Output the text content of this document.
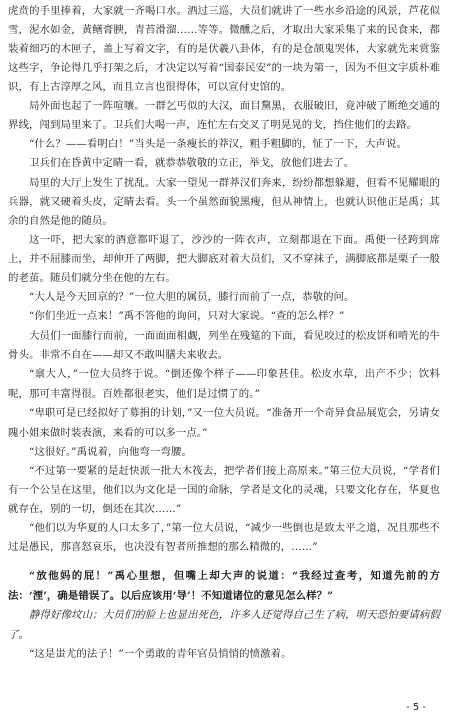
虎贲的手里捧着，大家就一齐喝口水。酒过三巡，大员们就讲了一些水乡沿途的风景，芦花似雪，泥水如金，黄鳝膏腴，青苔滑溜……等等。微醺之后，才取出大家采集了来的民食来，都装着细巧的木匣子，盖上写着文字，有的是伏羲八卦体，有的是仓颉鬼哭体，大家就先来赏鉴这些字，争论得几乎打架之后，才决定以写着“国泰民安”的一块为第一，因为不但文字质朴难识，有上古淳厚之风，而且立言也很得体，可以宣付史馆的。

局外面也起了一阵喧嚷。一群乞丐似的大汉，面目黧黑，衣服破旧，竟冲破了断绝交通的界线，闯到局里来了。卫兵们大喝一声，连忙左右交叉了明晃晃的戈，挡住他们的去路。

“什么？——看明白！”当头是一条瘦长的莽汉，粗手粗脚的，怔了一下，大声说。

卫兵们在昏黄中定睛一看，就恭恭敬敬的立正，举戈，放他们进去了。

局里的大厅上发生了扰乱。大家一望见一群莽汉们奔来，纷纷都想躲避，但看不见耀眼的兵器，就又硬着头皮，定睛去看。头一个虽然面貌黑瘦，但从神情上，也就认识他正是禹；其余的自然是他的随员。

这一吓，把大家的酒意都吓退了，沙沙的一阵衣声，立刻都退在下面。禹便一径跨到席上，并不屈膝而坐，却伸开了两脚，把大脚底对着大员们，又不穿袜子，满脚底都是栗子一般的老茧。随员们就分坐在他的左右。

“大人是今天回京的？”一位大胆的属员，膝行而前了一点，恭敬的问。

“你们坐近一点来！”禹不答他的询问，只对大家说。“查的怎么样？”

大员们一面膝行而前，一面面面相觑，列坐在残筵的下面，看见咬过的松皮饼和啃光的牛骨头。非常不自在——却又不敢叫膳夫来收去。

“禀大人，”一位大员终于说。“倒还像个样子——印象甚佳。松皮水草，出产不少；饮料呢，那可丰富得很。百姓都很老实，他们是过惯了的。”

“卑职可是已经拟好了募捐的计划，”又一位大员说。“准备开一个奇异食品展览会，另请女隗小姐来做时装表演，来看的可以多一点。”

“这很好。”禹说着，向他弯一弯腰。

“不过第一要紧的是赶快派一批大木筏去，把学者们接上高原来。”第三位大员说，“学者们有一个公呈在这里，他们以为文化是一国的命脉，学者是文化的灵魂，只要文化存在，华夏也就存在，别的一切，倒还在其次……”

“他们以为华夏的人口太多了，”第一位大员说，“减少一些倒也是致太平之道，况且那些不过是愚民，那喜怒哀乐，也决没有智者所推想的那么精微的，……”

“放他妈的屁！”禹心里想，但嘴上却大声的说道：“我经过查考，知道先前的方法：‘湮’，确是错误了。以后应该用‘导’！不知道诸位的意见怎么样？”

静得好像坟山；大员们的脸上也显出死色，许多人还觉得自己生了病，明天恐怕要请病假了。

“这是蚩尤的法子！”一个勇敢的青年官员悄悄的愤激着。

- 5 -
